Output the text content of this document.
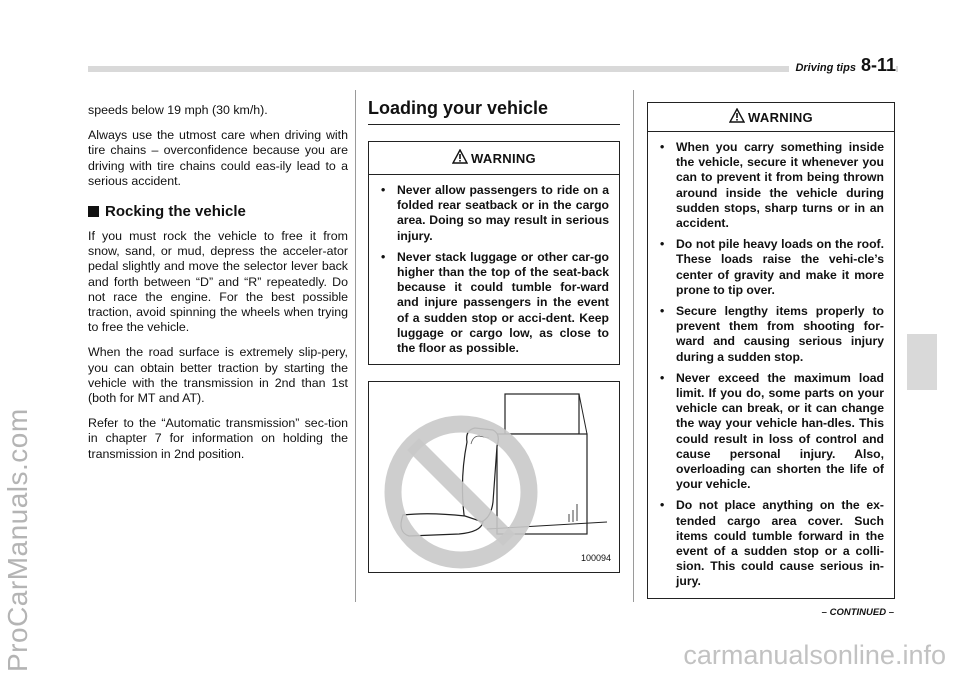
Driving tips 8-11
ProCarManuals.com	carmanualsonline.info

speeds below 19 mph (30 km/h).

Always use the utmost care when driving with tire chains – overconfidence because you are driving with tire chains could eas-ily lead to a serious accident.

Rocking the vehicle

If you must rock the vehicle to free it from snow, sand, or mud, depress the acceler-ator pedal slightly and move the selector lever back and forth between “D” and “R” repeatedly. Do not race the engine. For the best possible traction, avoid spinning the wheels when trying to free the vehicle.

When the road surface is extremely slip-pery, you can obtain better traction by starting the vehicle with the transmission in 2nd than 1st (both for MT and AT).

Refer to the “Automatic transmission” sec-tion in chapter 7 for information on holding the transmission in 2nd position.

Loading your vehicle
WARNING
• Never allow passengers to ride on a folded rear seatback or in the cargo area. Doing so may result in serious injury.
• Never stack luggage or other car-go higher than the top of the seat-back because it could tumble for-ward and injure passengers in the event of a sudden stop or acci-dent. Keep luggage or cargo low, as close to the floor as possible.
100094
WARNING
• When you carry something inside the vehicle, secure it whenever you can to prevent it from being thrown around inside the vehicle during sudden stops, sharp turns or in an accident.
• Do not pile heavy loads on the roof. These loads raise the vehi-cle’s center of gravity and make it more prone to tip over.
• Secure lengthy items properly to prevent them from shooting for-ward and causing serious injury during a sudden stop.
• Never exceed the maximum load limit. If you do, some parts on your vehicle can break, or it can change the way your vehicle han-dles. This could result in loss of control and cause personal injury. Also, overloading can shorten the life of your vehicle.
• Do not place anything on the ex-tended cargo area cover. Such items could tumble forward in the event of a sudden stop or a colli-sion. This could cause serious in-jury.
– CONTINUED –
